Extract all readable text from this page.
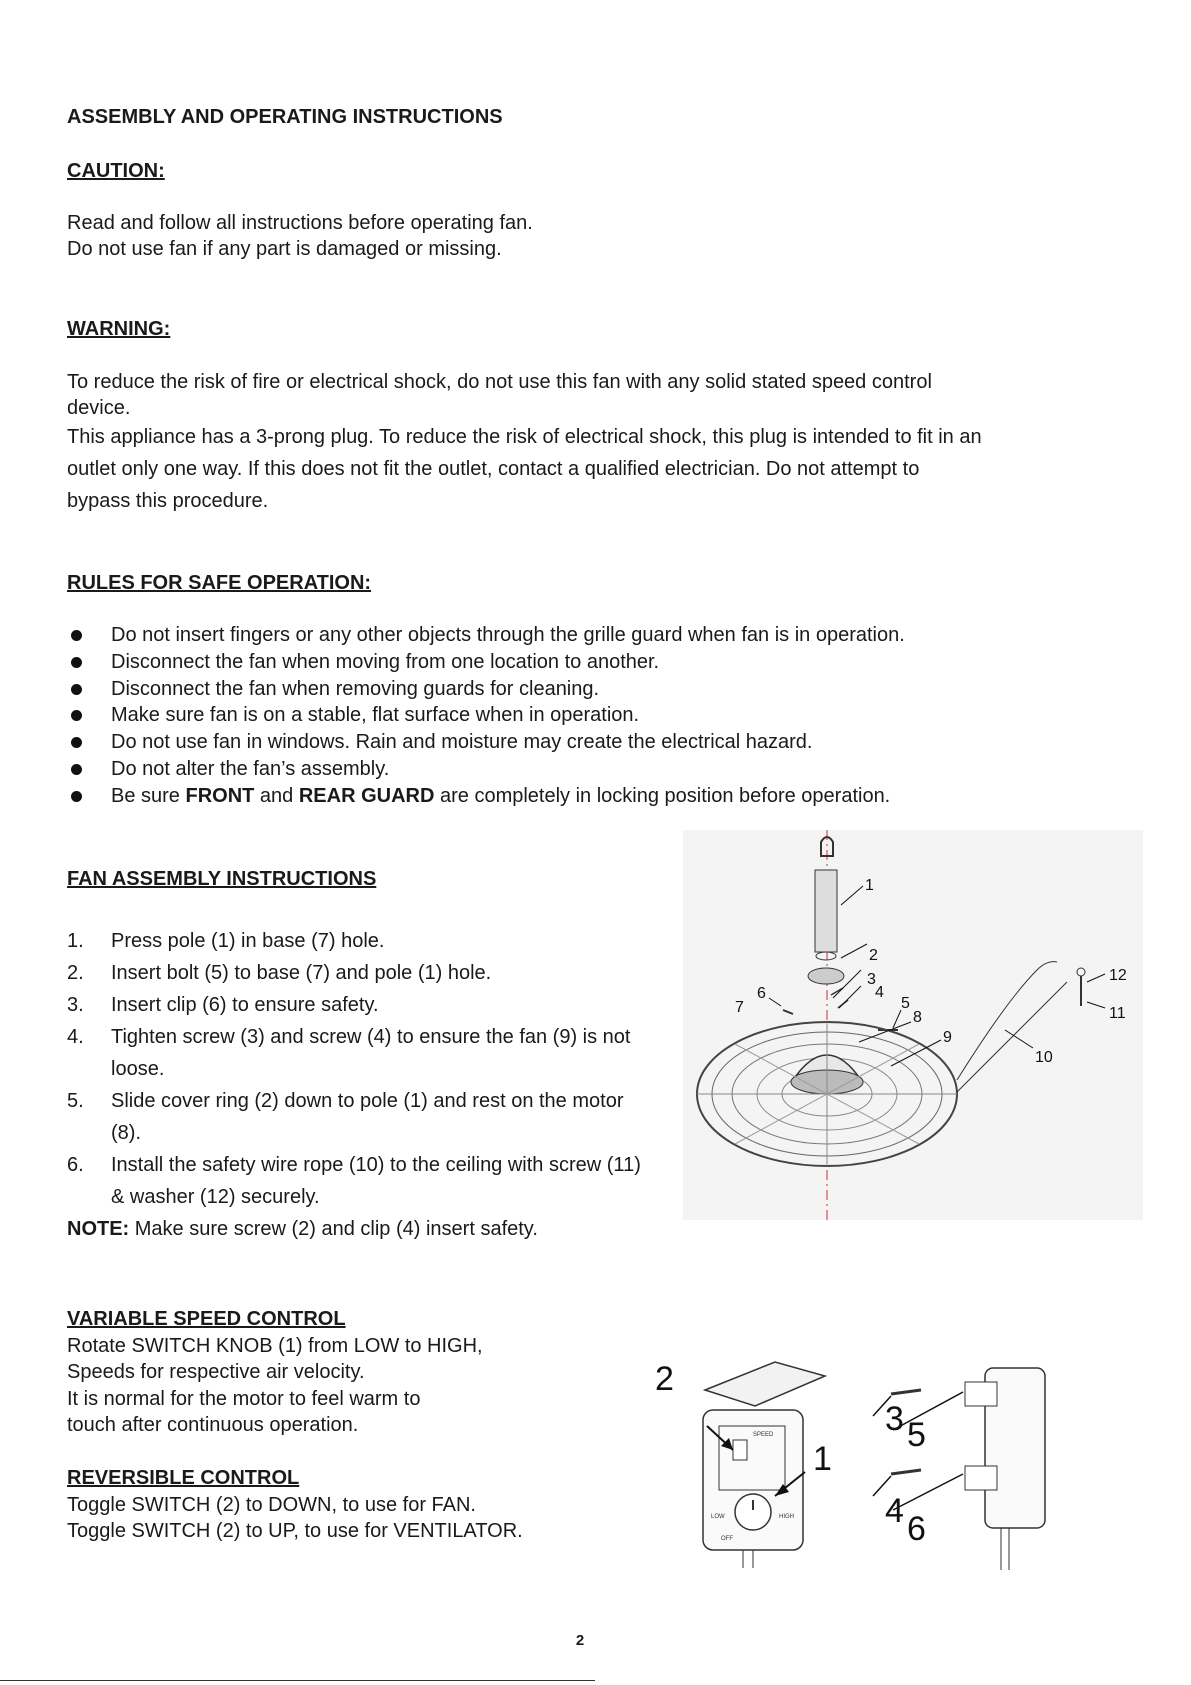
ASSEMBLY AND OPERATING INSTRUCTIONS
CAUTION:
Read and follow all instructions before operating fan.
Do not use fan if any part is damaged or missing.
WARNING:
To reduce the risk of fire or electrical shock, do not use this fan with any solid stated speed control
device.
This appliance has a 3-prong plug. To reduce the risk of electrical shock, this plug is intended to fit in an
outlet only one way. If this does not fit the outlet, contact a qualified electrician. Do not attempt to
bypass this procedure.
RULES FOR SAFE OPERATION:
Do not insert fingers or any other objects through the grille guard when fan is in operation.
Disconnect the fan when moving from one location to another.
Disconnect the fan when removing guards for cleaning.
Make sure fan is on a stable, flat surface when in operation.
Do not use fan in windows. Rain and moisture may create the electrical hazard.
Do not alter the fan’s assembly.
Be sure FRONT and REAR GUARD are completely in locking position before operation.
FAN ASSEMBLY INSTRUCTIONS
1. Press pole (1) in base (7) hole.
2. Insert bolt (5) to base (7) and pole (1) hole.
3. Insert clip (6) to ensure safety.
4. Tighten screw (3) and screw (4) to ensure the fan (9) is not loose.
5. Slide cover ring (2) down to pole (1) and rest on the motor (8).
6. Install the safety wire rope (10) to the ceiling with screw (11) & washer (12) securely.
NOTE: Make sure screw (2) and clip (4) insert safety.
1
2
3
4
5
6
7
8
9
10
11
12
VARIABLE SPEED CONTROL
Rotate SWITCH KNOB (1) from LOW to HIGH,
Speeds for respective air velocity.
It is normal for the motor to feel warm to
touch after continuous operation.
REVERSIBLE CONTROL
Toggle SWITCH (2) to DOWN, to use for FAN.
Toggle SWITCH (2) to UP, to use for VENTILATOR.
SPEED
LOW	HIGH
OFF
2
1
3 5
4 6
2
